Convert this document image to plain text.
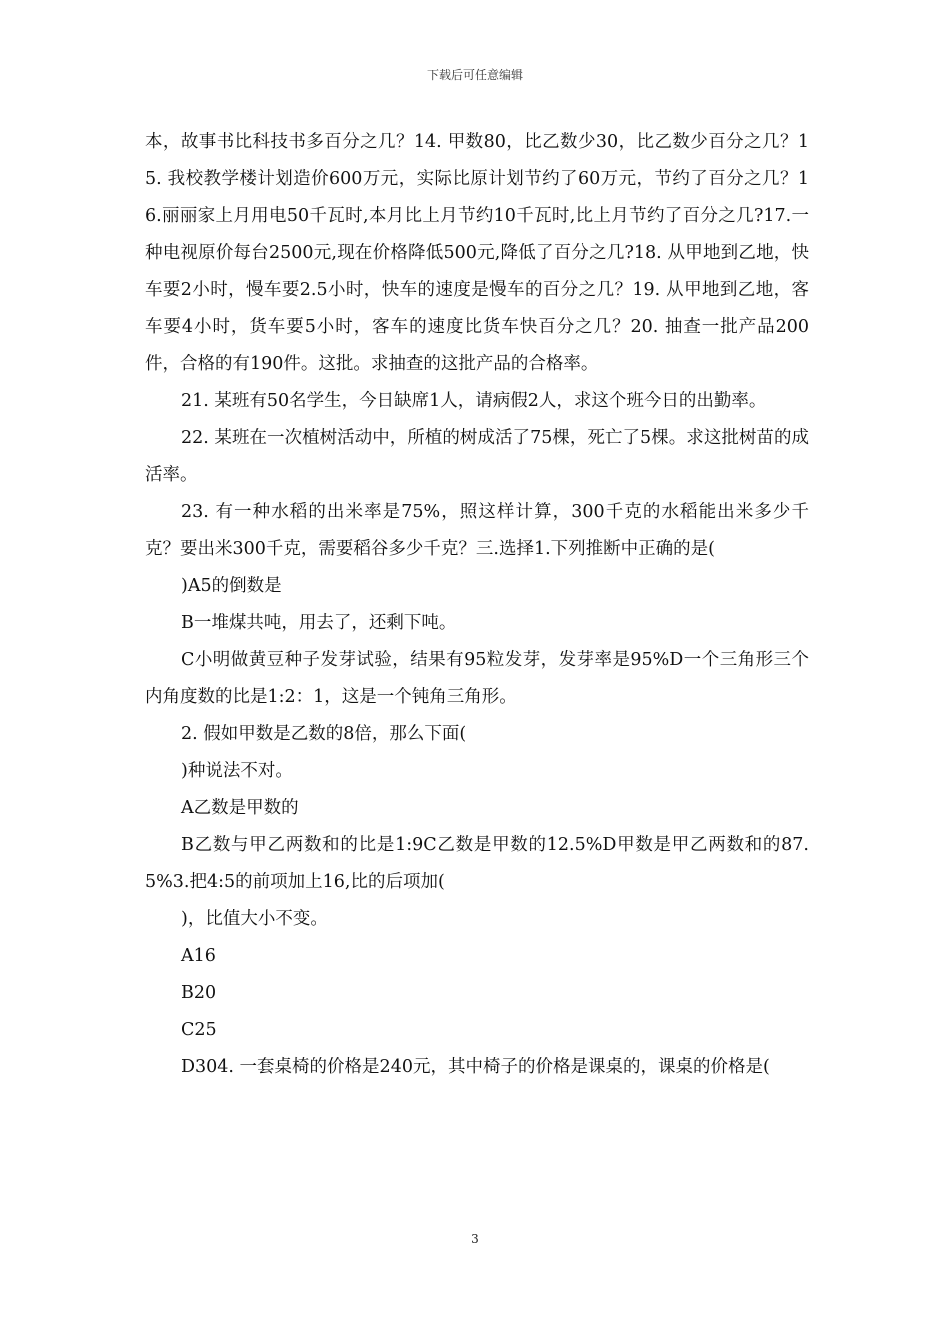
下载后可任意编辑

本，故事书比科技书多百分之几？14. 甲数80，比乙数少30，比乙数少百分之几？15. 我校教学楼计划造价600万元，实际比原计划节约了60万元，节约了百分之几？16.丽丽家上月用电50千瓦时,本月比上月节约10千瓦时,比上月节约了百分之几?17.一种电视原价每台2500元,现在价格降低500元,降低了百分之几?18. 从甲地到乙地，快车要2小时，慢车要2.5小时，快车的速度是慢车的百分之几？19. 从甲地到乙地，客车要4小时，货车要5小时，客车的速度比货车快百分之几？20. 抽查一批产品200件，合格的有190件。这批。求抽查的这批产品的合格率。

21. 某班有50名学生，今日缺席1人，请病假2人，求这个班今日的出勤率。

22. 某班在一次植树活动中，所植的树成活了75棵，死亡了5棵。求这批树苗的成活率。

23. 有一种水稻的出米率是75%，照这样计算，300千克的水稻能出米多少千克？要出米300千克，需要稻谷多少千克？三.选择1.下列推断中正确的是(

)A5的倒数是

B一堆煤共吨，用去了，还剩下吨。

C小明做黄豆种子发芽试验，结果有95粒发芽，发芽率是95%D一个三角形三个内角度数的比是1:2：1，这是一个钝角三角形。

2. 假如甲数是乙数的8倍，那么下面(

)种说法不对。

A乙数是甲数的

B乙数与甲乙两数和的比是1:9C乙数是甲数的12.5%D甲数是甲乙两数和的87.5%3.把4:5的前项加上16,比的后项加(

)，比值大小不变。

A16

B20

C25

D304. 一套桌椅的价格是240元，其中椅子的价格是课桌的，课桌的价格是(

3
